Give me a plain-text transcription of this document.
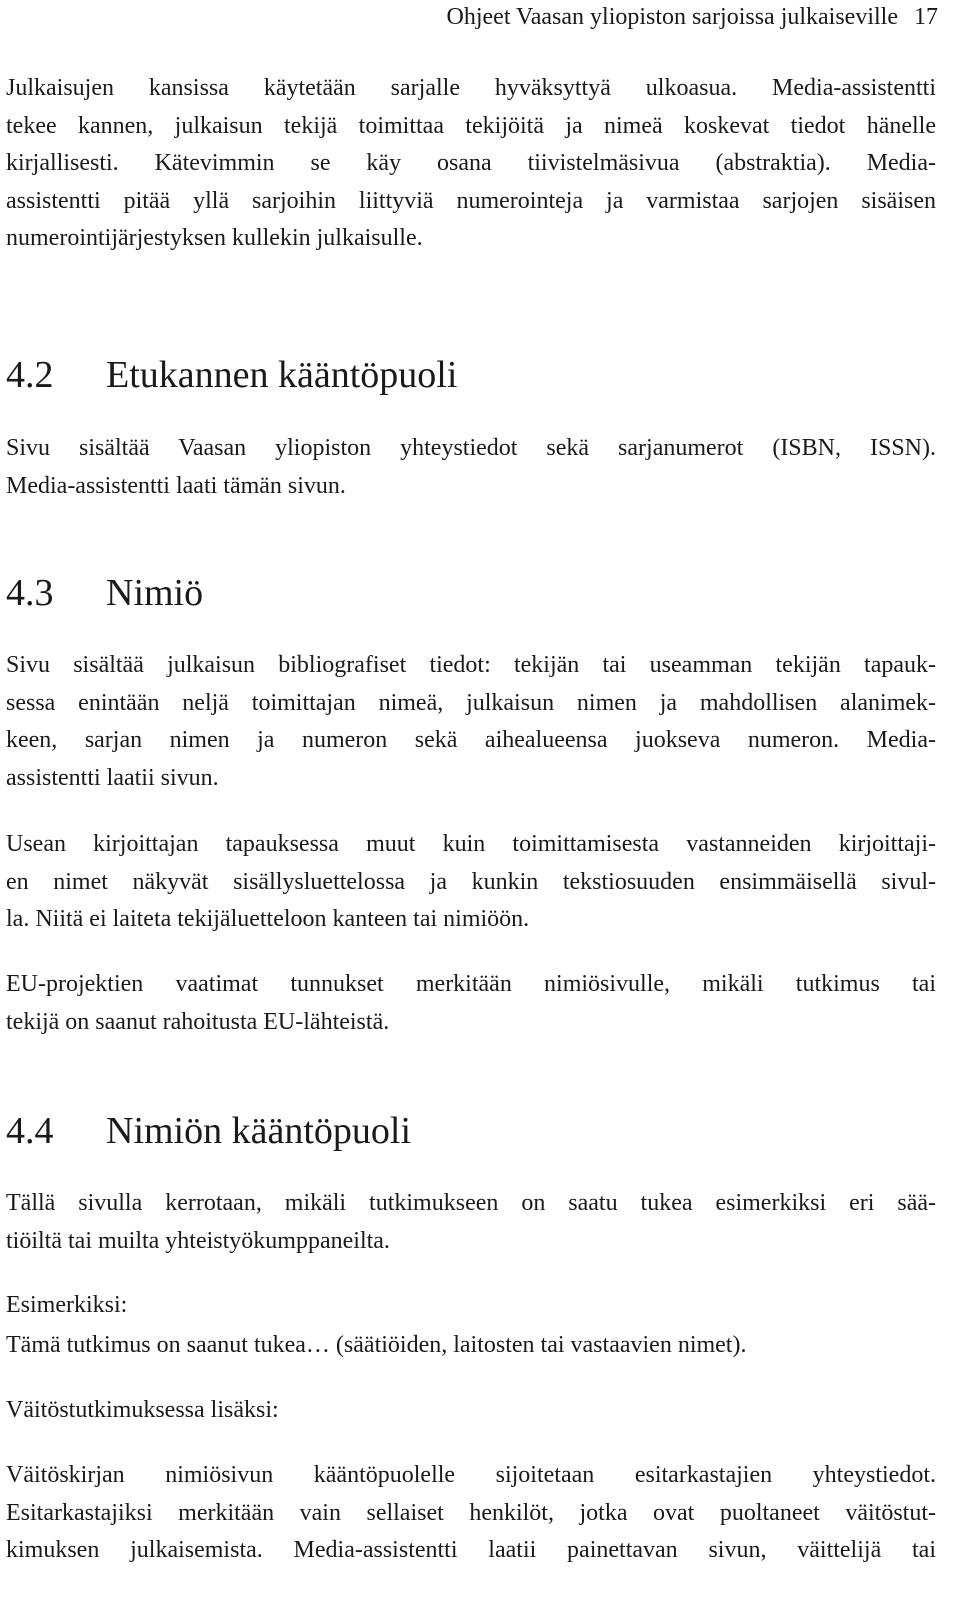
Ohjeet Vaasan yliopiston sarjoissa julkaiseville 17

Julkaisujen kansissa käytetään sarjalle hyväksyttyä ulkoasua. Media-assistentti
tekee kannen, julkaisun tekijä toimittaa tekijöitä ja nimeä koskevat tiedot hänelle
kirjallisesti. Kätevimmin se käy osana tiivistelmäsivua (abstraktia). Media-
assistentti pitää yllä sarjoihin liittyviä numerointeja ja varmistaa sarjojen sisäisen
numerointijärjestyksen kullekin julkaisulle.

4.2 Etukannen kääntöpuoli

Sivu sisältää Vaasan yliopiston yhteystiedot sekä sarjanumerot (ISBN, ISSN).
Media-assistentti laati tämän sivun.

4.3 Nimiö

Sivu sisältää julkaisun bibliografiset tiedot: tekijän tai useamman tekijän tapauk-
sessa enintään neljä toimittajan nimeä, julkaisun nimen ja mahdollisen alanimek-
keen, sarjan nimen ja numeron sekä aihealueensa juokseva numeron. Media-
assistentti laatii sivun.

Usean kirjoittajan tapauksessa muut kuin toimittamisesta vastanneiden kirjoittaji-
en nimet näkyvät sisällysluettelossa ja kunkin tekstiosuuden ensimmäisellä sivul-
la. Niitä ei laiteta tekijäluetteloon kanteen tai nimiöön.

EU-projektien vaatimat tunnukset merkitään nimiösivulle, mikäli tutkimus tai
tekijä on saanut rahoitusta EU-lähteistä.

4.4 Nimiön kääntöpuoli

Tällä sivulla kerrotaan, mikäli tutkimukseen on saatu tukea esimerkiksi eri sää-
tiöiltä tai muilta yhteistyökumppaneilta.

Esimerkiksi:

Tämä tutkimus on saanut tukea… (säätiöiden, laitosten tai vastaavien nimet).

Väitöstutkimuksessa lisäksi:

Väitöskirjan nimiösivun kääntöpuolelle sijoitetaan esitarkastajien yhteystiedot.
Esitarkastajiksi merkitään vain sellaiset henkilöt, jotka ovat puoltaneet väitöstut-
kimuksen julkaisemista. Media-assistentti laatii painettavan sivun, väittelijä tai
